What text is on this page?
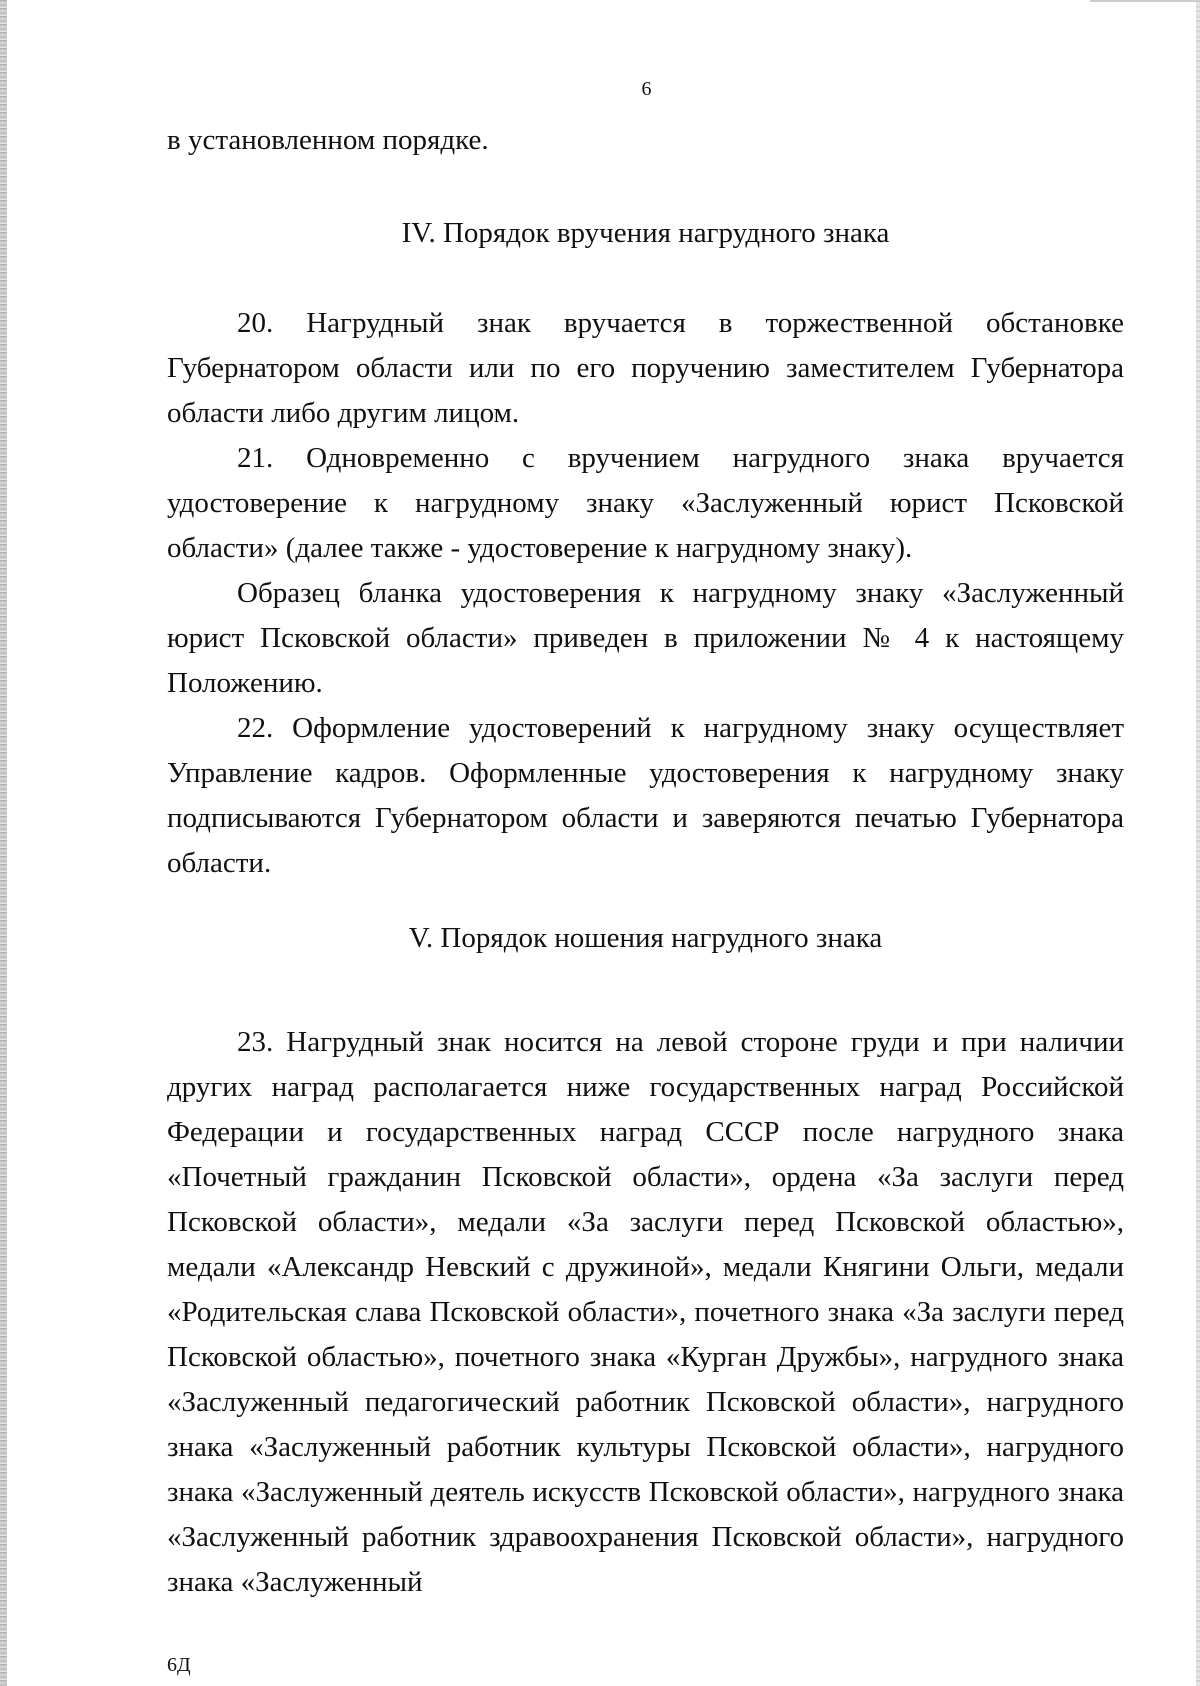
6

в установленном порядке.

IV. Порядок вручения нагрудного знака

20. Нагрудный знак вручается в торжественной обстановке Губернатором области или по его поручению заместителем Губернатора области либо другим лицом.

21. Одновременно с вручением нагрудного знака вручается удостоверение к нагрудному знаку «Заслуженный юрист Псковской области» (далее также - удостоверение к нагрудному знаку).

Образец бланка удостоверения к нагрудному знаку «Заслуженный юрист Псковской области» приведен в приложении № 4 к настоящему Положению.

22. Оформление удостоверений к нагрудному знаку осуществляет Управление кадров. Оформленные удостоверения к нагрудному знаку подписываются Губернатором области и заверяются печатью Губернатора области.

V. Порядок ношения нагрудного знака

23. Нагрудный знак носится на левой стороне груди и при наличии других наград располагается ниже государственных наград Российской Федерации и государственных наград СССР после нагрудного знака «Почетный гражданин Псковской области», ордена «За заслуги перед Псковской области», медали «За заслуги перед Псковской областью», медали «Александр Невский с дружиной», медали Княгини Ольги, медали «Родительская слава Псковской области», почетного знака «За заслуги перед Псковской областью», почетного знака «Курган Дружбы», нагрудного знака «Заслуженный педагогический работник Псковской области», нагрудного знака «Заслуженный работник культуры Псковской области», нагрудного знака «Заслуженный деятель искусств Псковской области», нагрудного знака «Заслуженный работник здравоохранения Псковской области», нагрудного знака «Заслуженный

6Д
